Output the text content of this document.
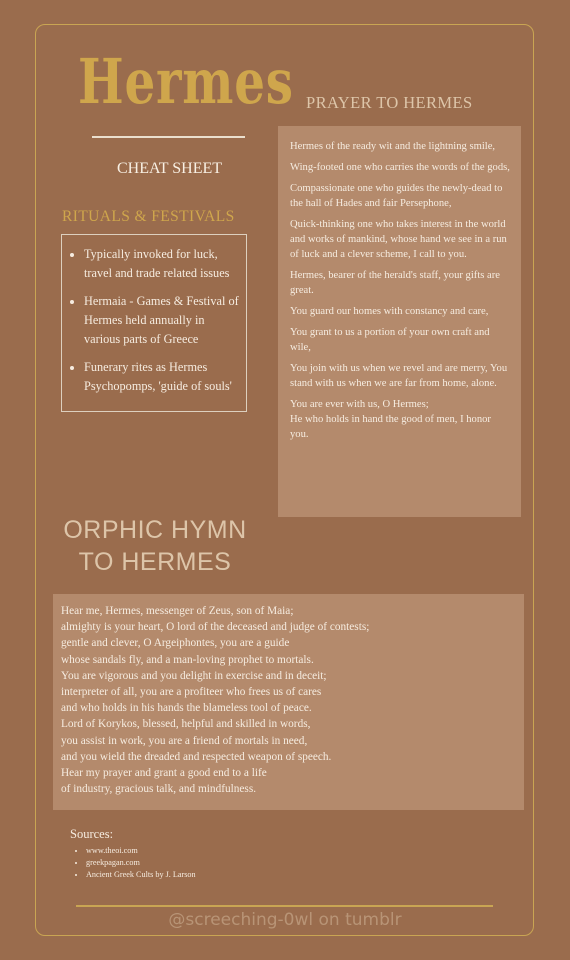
Hermes
CHEAT SHEET
RITUALS & FESTIVALS
• Typically invoked for luck, travel and trade related issues
• Hermaia - Games & Festival of Hermes held annually in various parts of Greece
• Funerary rites as Hermes Psychopomps, 'guide of souls'
PRAYER TO HERMES

Hermes of the ready wit and the lightning smile,

Wing-footed one who carries the words of the gods,

Compassionate one who guides the newly-dead to the hall of Hades and fair Persephone,

Quick-thinking one who takes interest in the world and works of mankind, whose hand we see in a run of luck and a clever scheme, I call to you.

Hermes, bearer of the herald's staff, your gifts are great.

You guard our homes with constancy and care,

You grant to us a portion of your own craft and wile,

You join with us when we revel and are merry, You stand with us when we are far from home, alone.

You are ever with us, O Hermes;

He who holds in hand the good of men, I honor you.

ORPHIC HYMN
TO HERMES
Hear me, Hermes, messenger of Zeus, son of Maia;
almighty is your heart, O lord of the deceased and judge of contests;
gentle and clever, O Argeiphontes, you are a guide
whose sandals fly, and a man-loving prophet to mortals.
You are vigorous and you delight in exercise and in deceit;
interpreter of all, you are a profiteer who frees us of cares
and who holds in his hands the blameless tool of peace.
Lord of Korykos, blessed, helpful and skilled in words,
you assist in work, you are a friend of mortals in need,
and you wield the dreaded and respected weapon of speech.
Hear my prayer and grant a good end to a life
of industry, gracious talk, and mindfulness.
Sources:
• www.theoi.com
• greekpagan.com
• Ancient Greek Cults by J. Larson
@screeching-0wl on tumblr
